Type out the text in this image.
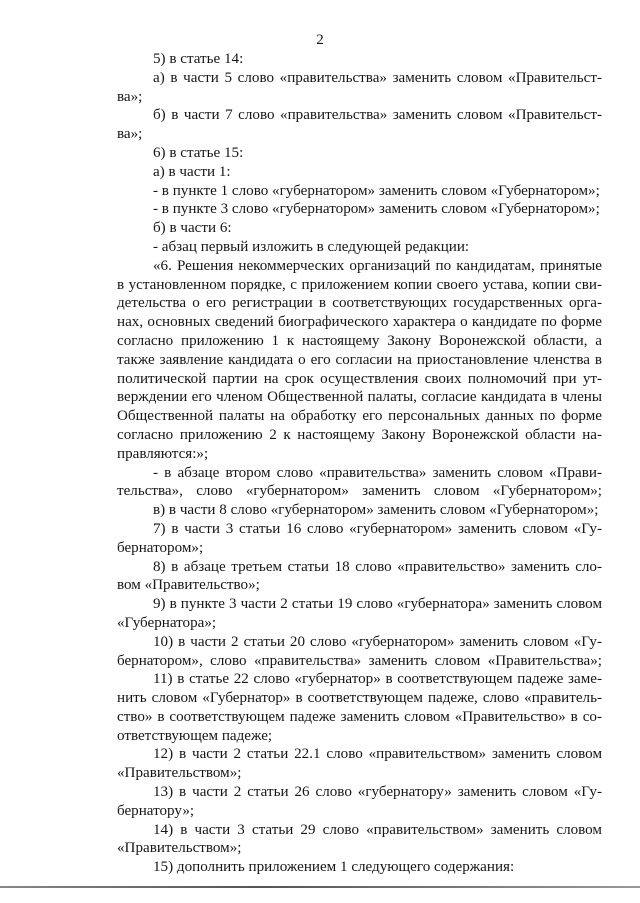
2
5) в статье 14:
а) в части 5 слово «правительства» заменить словом «Правительст-
ва»;
б) в части 7 слово «правительства» заменить словом «Правительст-
ва»;
6) в статье 15:
а) в части 1:
- в пункте 1 слово «губернатором» заменить словом «Губернатором»;
- в пункте 3 слово «губернатором» заменить словом «Губернатором»;
б) в части 6:
- абзац первый изложить в следующей редакции:
«6. Решения некоммерческих организаций по кандидатам, принятые
в установленном порядке, с приложением копии своего устава, копии сви-
детельства о его регистрации в соответствующих государственных орга-
нах, основных сведений биографического характера о кандидате по форме
согласно приложению 1 к настоящему Закону Воронежской области, а
также заявление кандидата о его согласии на приостановление членства в
политической партии на срок осуществления своих полномочий при ут-
верждении его членом Общественной палаты, согласие кандидата в члены
Общественной палаты на обработку его персональных данных по форме
согласно приложению 2 к настоящему Закону Воронежской области на-
правляются:»;
- в абзаце втором слово «правительства» заменить словом «Прави-
тельства», слово «губернатором» заменить словом «Губернатором»;
в) в части 8 слово «губернатором» заменить словом «Губернатором»;
7) в части 3 статьи 16 слово «губернатором» заменить словом «Гу-
бернатором»;
8) в абзаце третьем статьи 18 слово «правительство» заменить сло-
вом «Правительство»;
9) в пункте 3 части 2 статьи 19 слово «губернатора» заменить словом
«Губернатора»;
10) в части 2 статьи 20 слово «губернатором» заменить словом «Гу-
бернатором», слово «правительства» заменить словом «Правительства»;
11) в статье 22 слово «губернатор» в соответствующем падеже заме-
нить словом «Губернатор» в соответствующем падеже, слово «правитель-
ство» в соответствующем падеже заменить словом «Правительство» в со-
ответствующем падеже;
12) в части 2 статьи 22.1 слово «правительством» заменить словом
«Правительством»;
13) в части 2 статьи 26 слово «губернатору» заменить словом «Гу-
бернатору»;
14) в части 3 статьи 29 слово «правительством» заменить словом
«Правительством»;
15) дополнить приложением 1 следующего содержания:
